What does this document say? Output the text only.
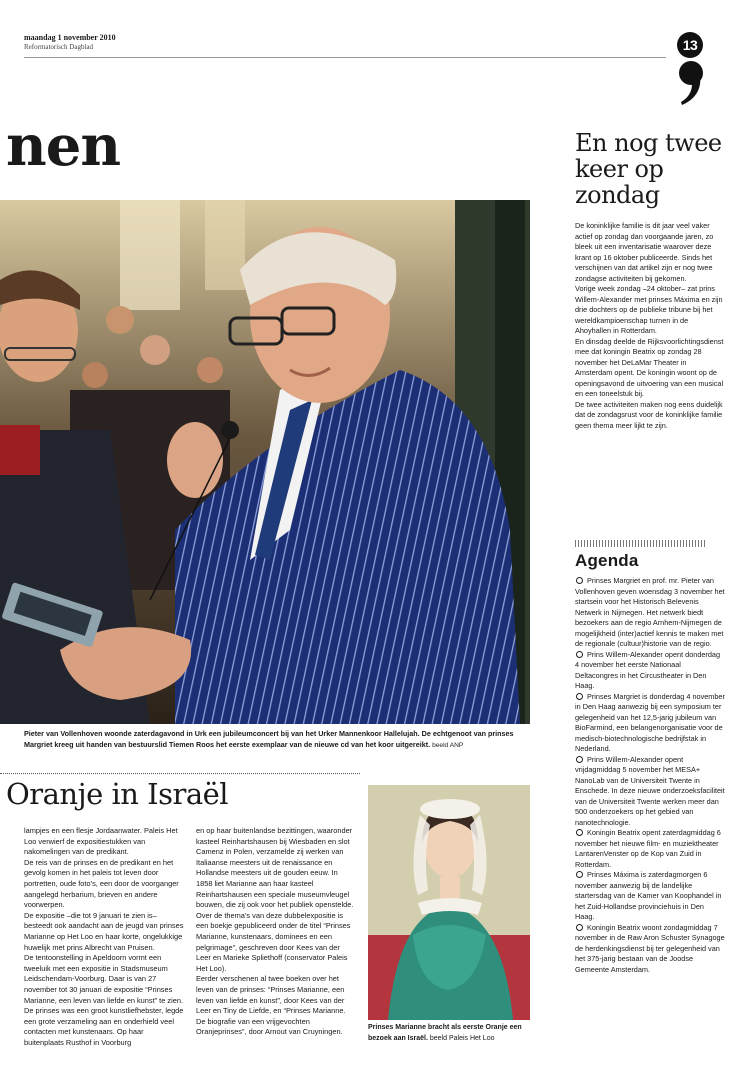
maandag 1 november 2010
Reformatorisch Dagblad	13
nen

Pieter van Vollenhoven woonde zaterdagavond in Urk een jubileumconcert bij van het Urker Mannenkoor Hallelujah. De echtgenoot van prinses Margriet kreeg uit handen van bestuurslid Tiemen Roos het eerste exemplaar van de nieuwe cd van het koor uitgereikt. beeld ANP

Oranje in Israël

lampjes en een flesje Jordaanwater. Paleis Het Loo verwierf de expositiestukken van nakomelingen van de predikant.

De reis van de prinses en de predikant en het gevolg komen in het paleis tot leven door portretten, oude foto’s, een door de voorganger aangelegd herbarium, brieven en andere voorwerpen.

De expositie –die tot 9 januari te zien is– besteedt ook aandacht aan de jeugd van prinses Marianne op Het Loo en haar korte, ongelukkige huwelijk met prins Albrecht van Pruisen.

De tentoonstelling in Apeldoorn vormt een tweeluik met een expositie in Stadsmuseum Leidschendam-Voorburg. Daar is van 27 november tot 30 januari de expositie “Prinses Marianne, een leven van liefde en kunst” te zien. De prinses was een groot kunstliefhebster, legde een grote verzameling aan en onderhield veel contacten met kunstenaars. Op haar buitenplaats Rusthof in Voorburg

en op haar buitenlandse bezittingen, waaronder kasteel Reinhartshausen bij Wiesbaden en slot Camenz in Polen, verzamelde zij werken van Italiaanse meesters uit de renaissance en Hollandse meesters uit de gouden eeuw. In 1858 liet Marianne aan haar kasteel Reinhartshausen een speciale museumvleugel bouwen, die zij ook voor het publiek openstelde.

Over de thema’s van deze dubbelexpositie is een boekje gepubliceerd onder de titel “Prinses Marianne, kunstenaars, dominees en een pelgrimage”, geschreven door Kees van der Leer en Marieke Spliethoff (conservator Paleis Het Loo).

Eerder verschenen al twee boeken over het leven van de prinses: “Prinses Marianne, een leven van liefde en kunst”, door Kees van der Leer en Tiny de Liefde, en “Prinses Marianne. De biografie van een vrijgevochten Oranjeprinses”, door Arnout van Cruyningen.	Prinses Marianne bracht als eerste Oranje een bezoek aan Israël. beeld Paleis Het Loo

En nog twee keer op zondag

De koninklijke familie is dit jaar veel vaker actief op zondag dan voorgaande jaren, zo bleek uit een inventarisatie waarover deze krant op 16 oktober publiceerde. Sinds het verschijnen van dat artikel zijn er nog twee zondagse activiteiten bij gekomen.

Vorige week zondag –24 oktober– zat prins Willem-Alexander met prinses Máxima en zijn drie dochters op de publieke tribune bij het wereldkampioenschap turnen in de Ahoyhallen in Rotterdam.

En dinsdag deelde de Rijksvoorlichtingsdienst mee dat koningin Beatrix op zondag 28 november het DeLaMar Theater in Amsterdam opent. De koningin woont op de openingsavond de uitvoering van een musical en een toneelstuk bij.

De twee activiteiten maken nog eens duidelijk dat de zondagsrust voor de koninklijke familie geen thema meer lijkt te zijn.

Agenda
Prinses Margriet en prof. mr. Pieter van Vollenhoven geven woensdag 3 november het startsein voor het Historisch Belevenis Netwerk in Nijmegen. Het netwerk biedt bezoekers aan de regio Arnhem-Nijmegen de mogelijkheid (inter)actief kennis te maken met de regionale (cultuur)historie van de regio.
Prins Willem-Alexander opent donderdag 4 november het eerste Nationaal Deltacongres in het Circustheater in Den Haag.
Prinses Margriet is donderdag 4 november in Den Haag aanwezig bij een symposium ter gelegenheid van het 12,5-jarig jubileum van BioFarmind, een belangenorganisatie voor de medisch-biotechnologische bedrijfstak in Nederland.
Prins Willem-Alexander opent vrijdagmiddag 5 november het MESA+ NanoLab van de Universiteit Twente in Enschede. In deze nieuwe onderzoeksfaciliteit van de Universiteit Twente werken meer dan 500 onderzoekers op het gebied van nanotechnologie.
Koningin Beatrix opent zaterdagmiddag 6 november het nieuwe film- en muziektheater LantarenVenster op de Kop van Zuid in Rotterdam.
Prinses Máxima is zaterdagmorgen 6 november aanwezig bij de landelijke startersdag van de Kamer van Koophandel in het Zuid-Hollandse provinciehuis in Den Haag.
Koningin Beatrix woont zondagmiddag 7 november in de Raw Aron Schuster Synagoge de herdenkingsdienst bij ter gelegenheid van het 375-jarig bestaan van de Joodse Gemeente Amsterdam.
